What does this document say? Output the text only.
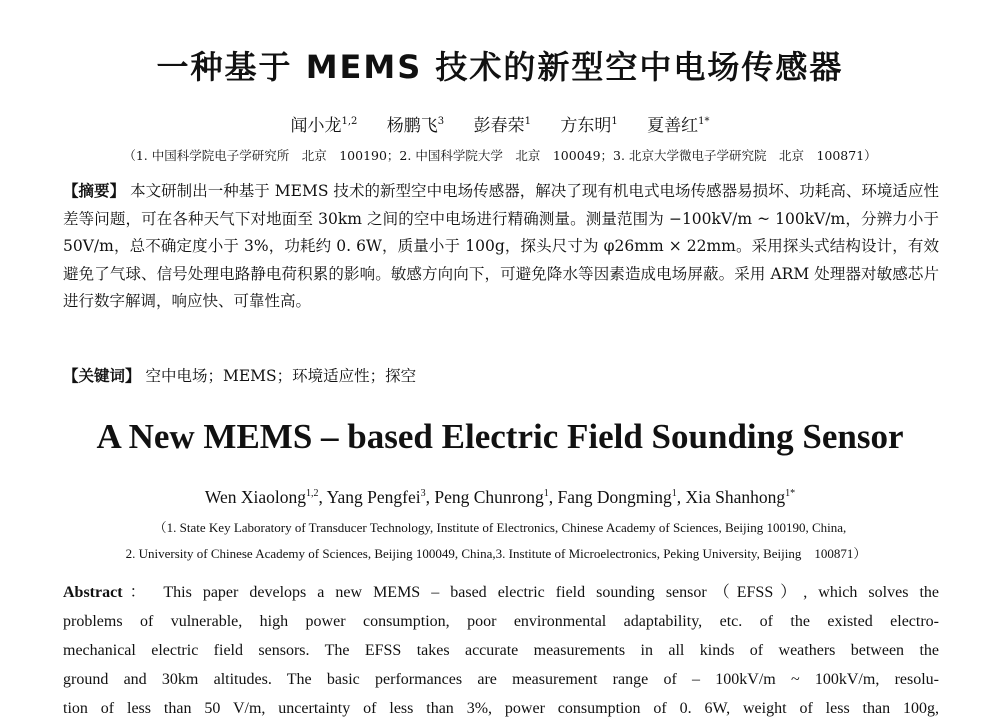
一种基于 MEMS 技术的新型空中电场传感器
闻小龙$^{1,2}$ 杨鹏飞$^3$ 彭春荣$^1$ 方东明$^1$ 夏善红$^{1*}$
（1. 中国科学院电子学研究所　北京　100190；2. 中国科学院大学　北京　100049；3. 北京大学微电子学研究院　北京　100871）
【摘要】 本文研制出一种基于 MEMS 技术的新型空中电场传感器，解决了现有机电式电场传感器易损坏、功耗高、环境适应性差等问题，可在各种天气下对地面至 30km 之间的空中电场进行精确测量。测量范围为 −100kV/m ~ 100kV/m，分辨力小于 50V/m，总不确定度小于 3%，功耗约 0. 6W，质量小于 100g，探头尺寸为 φ26mm × 22mm。采用探头式结构设计，有效避免了气球、信号处理电路静电荷积累的影响。敏感方向向下，可避免降水等因素造成电场屏蔽。采用 ARM 处理器对敏感芯片进行数字解调，响应快、可靠性高。
【关键词】 空中电场；MEMS；环境适应性；探空
A New MEMS – based Electric Field Sounding Sensor
Wen Xiaolong$^{1,2}$, Yang Pengfei$^3$, Peng Chunrong$^1$, Fang Dongming$^1$, Xia Shanhong$^{1*}$
（1. State Key Laboratory of Transducer Technology, Institute of Electronics, Chinese Academy of Sciences, Beijing 100190, China,
2. University of Chinese Academy of Sciences, Beijing 100049, China,3. Institute of Microelectronics, Peking University, Beijing　100871）
Abstract： This paper develops a new MEMS – based electric field sounding sensor（EFSS）, which solves the
problems of vulnerable, high power consumption, poor environmental adaptability, etc. of the existed electro-
mechanical electric field sensors. The EFSS takes accurate measurements in all kinds of weathers between the
ground and 30km altitudes. The basic performances are measurement range of – 100kV/m ~ 100kV/m, resolu-
tion of less than 50 V/m, uncertainty of less than 3%, power consumption of 0. 6W, weight of less than 100g,
